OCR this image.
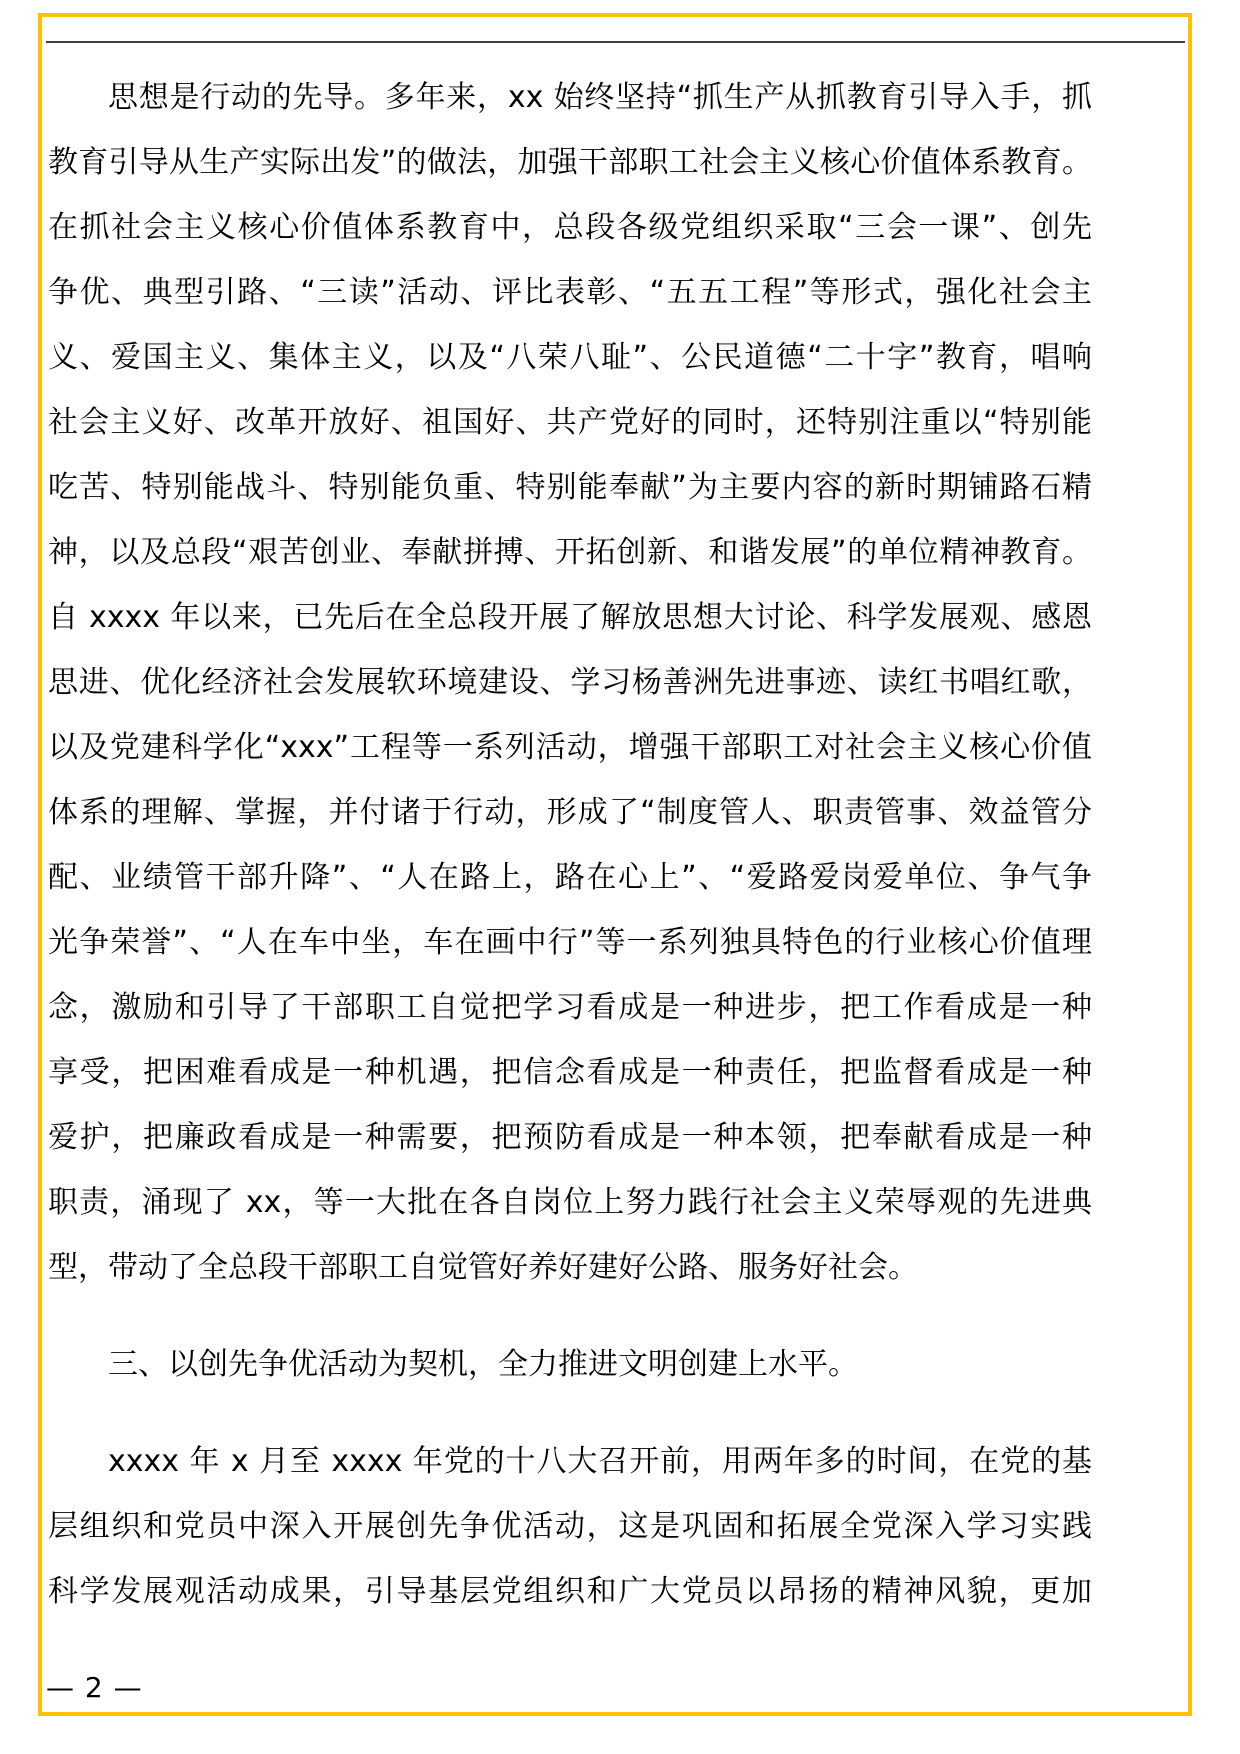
思想是行动的先导。多年来，xx 始终坚持“抓生产从抓教育引导入手，抓
教育引导从生产实际出发”的做法，加强干部职工社会主义核心价值体系教育。
在抓社会主义核心价值体系教育中，总段各级党组织采取“三会一课”、创先
争优、典型引路、“三读”活动、评比表彰、“五五工程”等形式，强化社会主
义、爱国主义、集体主义，以及“八荣八耻”、公民道德“二十字”教育，唱响
社会主义好、改革开放好、祖国好、共产党好的同时，还特别注重以“特别能
吃苦、特别能战斗、特别能负重、特别能奉献”为主要内容的新时期铺路石精
神，以及总段“艰苦创业、奉献拼搏、开拓创新、和谐发展”的单位精神教育。
自 xxxx 年以来，已先后在全总段开展了解放思想大讨论、科学发展观、感恩
思进、优化经济社会发展软环境建设、学习杨善洲先进事迹、读红书唱红歌，
以及党建科学化“xxx”工程等一系列活动，增强干部职工对社会主义核心价值
体系的理解、掌握，并付诸于行动，形成了“制度管人、职责管事、效益管分
配、业绩管干部升降”、“人在路上，路在心上”、“爱路爱岗爱单位、争气争
光争荣誉”、“人在车中坐，车在画中行”等一系列独具特色的行业核心价值理
念，激励和引导了干部职工自觉把学习看成是一种进步，把工作看成是一种
享受，把困难看成是一种机遇，把信念看成是一种责任，把监督看成是一种
爱护，把廉政看成是一种需要，把预防看成是一种本领，把奉献看成是一种
职责，涌现了 xx，等一大批在各自岗位上努力践行社会主义荣辱观的先进典
型，带动了全总段干部职工自觉管好养好建好公路、服务好社会。
三、以创先争优活动为契机，全力推进文明创建上水平。
xxxx 年 x 月至 xxxx 年党的十八大召开前，用两年多的时间，在党的基
层组织和党员中深入开展创先争优活动，这是巩固和拓展全党深入学习实践
科学发展观活动成果，引导基层党组织和广大党员以昂扬的精神风貌，更加
— 2 —
